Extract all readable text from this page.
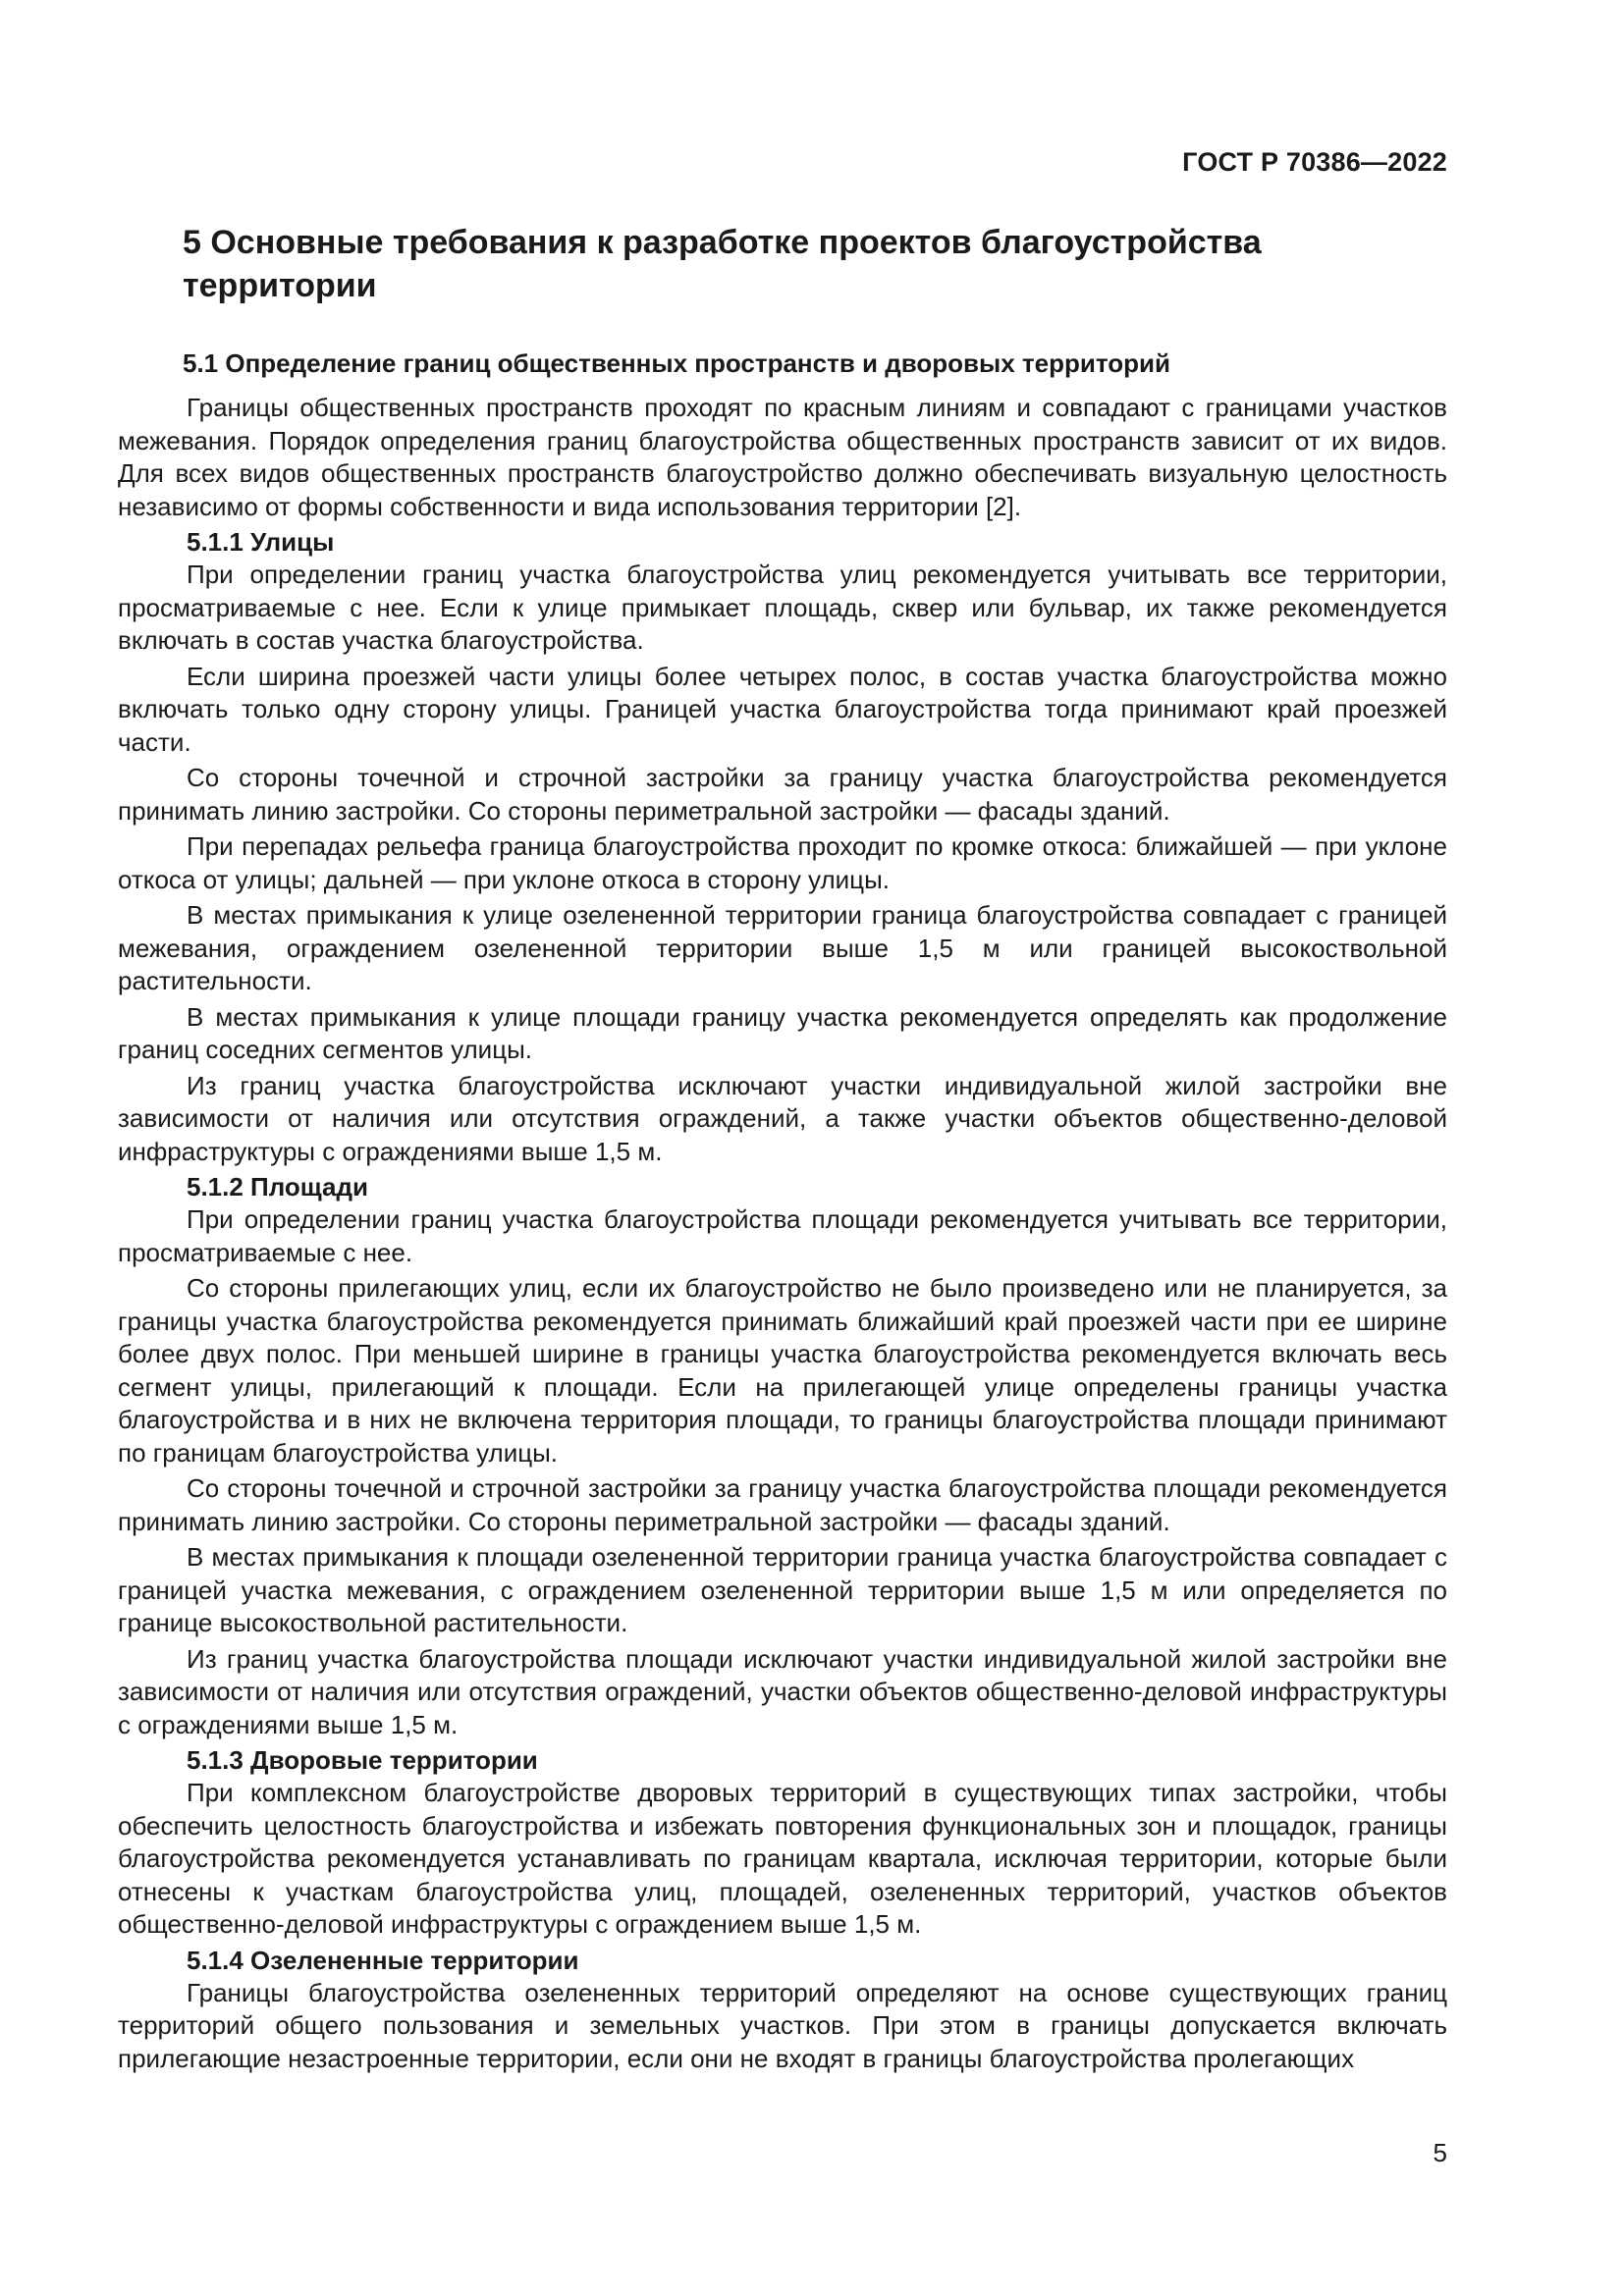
ГОСТ Р 70386—2022
5 Основные требования к разработке проектов благоустройства территории
5.1 Определение границ общественных пространств и дворовых территорий

Границы общественных пространств проходят по красным линиям и совпадают с границами участков межевания. Порядок определения границ благоустройства общественных пространств зависит от их видов. Для всех видов общественных пространств благоустройство должно обеспечивать визуальную целостность независимо от формы собственности и вида использования территории [2].

5.1.1 Улицы

При определении границ участка благоустройства улиц рекомендуется учитывать все территории, просматриваемые с нее. Если к улице примыкает площадь, сквер или бульвар, их также рекомендуется включать в состав участка благоустройства.

Если ширина проезжей части улицы более четырех полос, в состав участка благоустройства можно включать только одну сторону улицы. Границей участка благоустройства тогда принимают край проезжей части.

Со стороны точечной и строчной застройки за границу участка благоустройства рекомендуется принимать линию застройки. Со стороны периметральной застройки — фасады зданий.

При перепадах рельефа граница благоустройства проходит по кромке откоса: ближайшей — при уклоне откоса от улицы; дальней — при уклоне откоса в сторону улицы.

В местах примыкания к улице озелененной территории граница благоустройства совпадает с границей межевания, ограждением озелененной территории выше 1,5 м или границей высокоствольной растительности.

В местах примыкания к улице площади границу участка рекомендуется определять как продолжение границ соседних сегментов улицы.

Из границ участка благоустройства исключают участки индивидуальной жилой застройки вне зависимости от наличия или отсутствия ограждений, а также участки объектов общественно-деловой инфраструктуры с ограждениями выше 1,5 м.

5.1.2 Площади

При определении границ участка благоустройства площади рекомендуется учитывать все территории, просматриваемые с нее.

Со стороны прилегающих улиц, если их благоустройство не было произведено или не планируется, за границы участка благоустройства рекомендуется принимать ближайший край проезжей части при ее ширине более двух полос. При меньшей ширине в границы участка благоустройства рекомендуется включать весь сегмент улицы, прилегающий к площади. Если на прилегающей улице определены границы участка благоустройства и в них не включена территория площади, то границы благоустройства площади принимают по границам благоустройства улицы.

Со стороны точечной и строчной застройки за границу участка благоустройства площади рекомендуется принимать линию застройки. Со стороны периметральной застройки — фасады зданий.

В местах примыкания к площади озелененной территории граница участка благоустройства совпадает с границей участка межевания, с ограждением озелененной территории выше 1,5 м или определяется по границе высокоствольной растительности.

Из границ участка благоустройства площади исключают участки индивидуальной жилой застройки вне зависимости от наличия или отсутствия ограждений, участки объектов общественно-деловой инфраструктуры с ограждениями выше 1,5 м.

5.1.3 Дворовые территории

При комплексном благоустройстве дворовых территорий в существующих типах застройки, чтобы обеспечить целостность благоустройства и избежать повторения функциональных зон и площадок, границы благоустройства рекомендуется устанавливать по границам квартала, исключая территории, которые были отнесены к участкам благоустройства улиц, площадей, озелененных территорий, участков объектов общественно-деловой инфраструктуры с ограждением выше 1,5 м.

5.1.4 Озелененные территории

Границы благоустройства озелененных территорий определяют на основе существующих границ территорий общего пользования и земельных участков. При этом в границы допускается включать прилегающие незастроенные территории, если они не входят в границы благоустройства пролегающих

5
